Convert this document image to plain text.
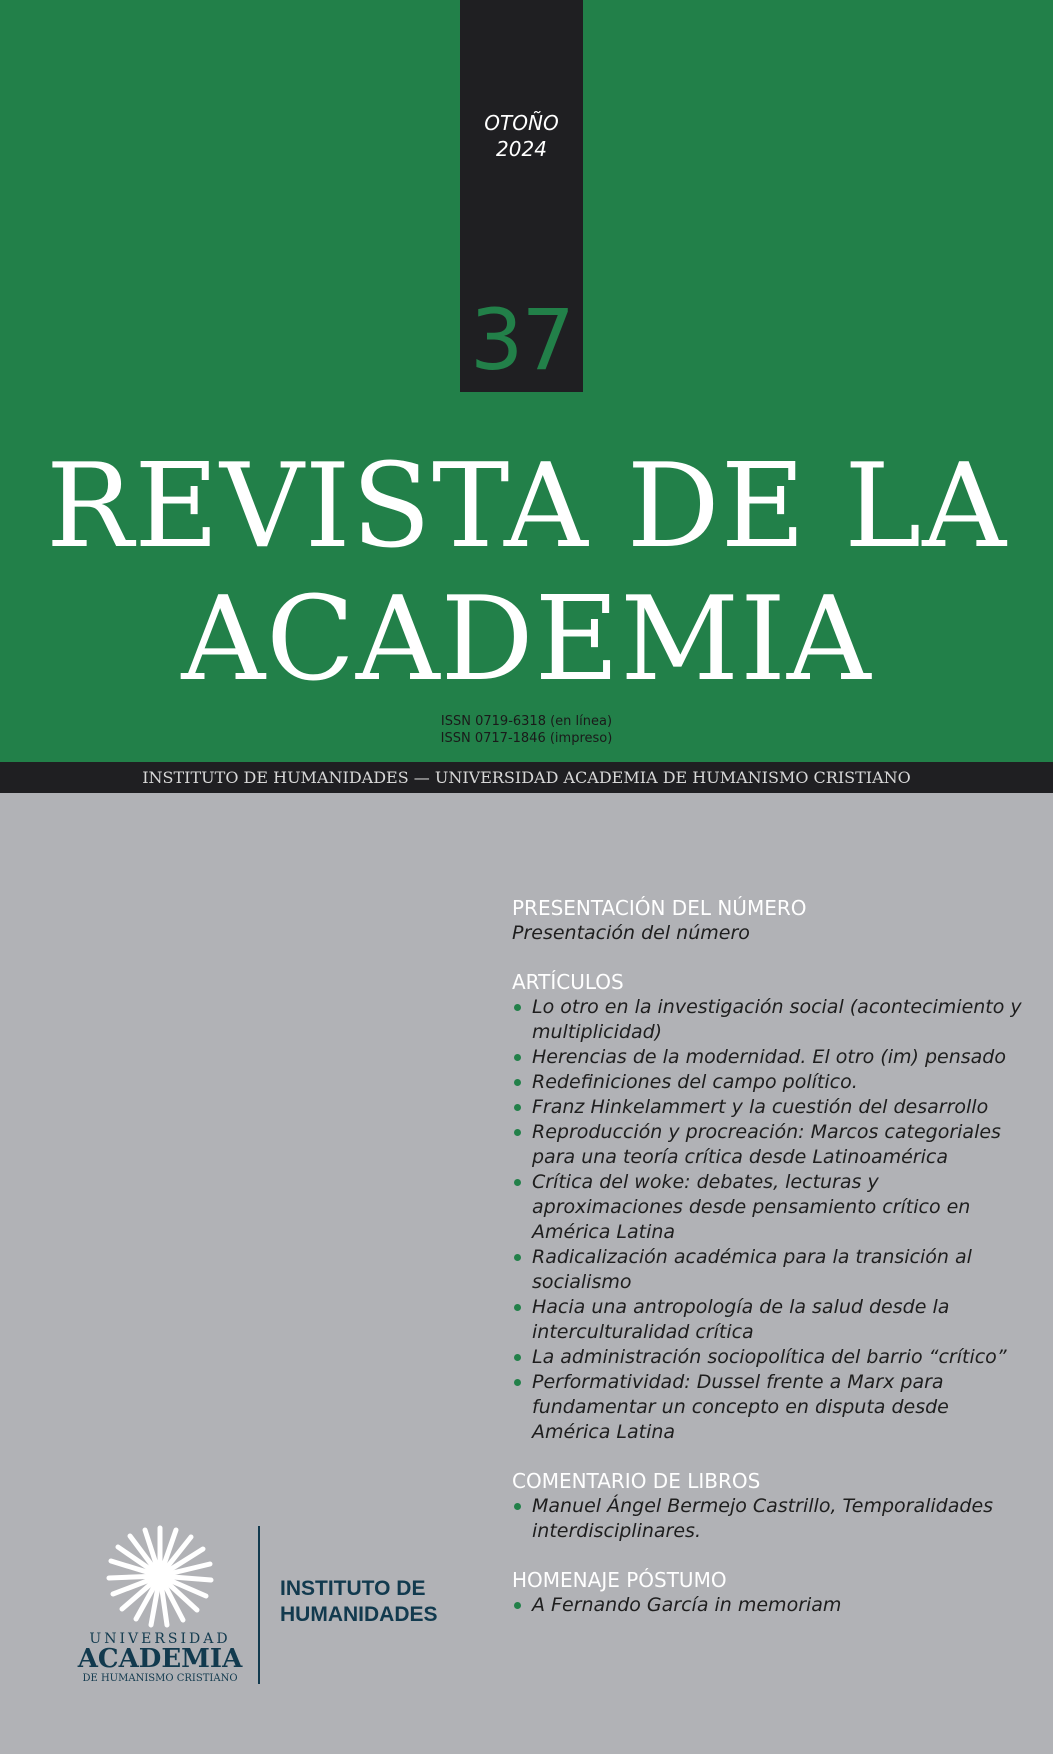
OTOÑO
2024
37
REVISTA DE LA
ACADEMIA
ISSN 0719-6318 (en línea)
ISSN 0717-1846 (impreso)
INSTITUTO DE HUMANIDADES — UNIVERSIDAD ACADEMIA DE HUMANISMO CRISTIANO
PRESENTACIÓN DEL NÚMERO

Presentación del número

ARTÍCULOS
Lo otro en la investigación social (acontecimiento y multiplicidad)
Herencias de la modernidad. El otro (im) pensado
Redefiniciones del campo político.
Franz Hinkelammert y la cuestión del desarrollo
Reproducción y procreación: Marcos categoriales para una teoría crítica desde Latinoamérica
Crítica del woke: debates, lecturas y aproximaciones desde pensamiento crítico en América Latina
Radicalización académica para la transición al socialismo
Hacia una antropología de la salud desde la interculturalidad crítica
La administración sociopolítica del barrio “crítico”
Performatividad: Dussel frente a Marx para fundamentar un concepto en disputa desde América Latina
COMENTARIO DE LIBROS
Manuel Ángel Bermejo Castrillo, Temporalidades interdisciplinares.
HOMENAJE PÓSTUMO
A Fernando García in memoriam
UNIVERSIDAD
ACADEMIA
DE HUMANISMO CRISTIANO
INSTITUTO DE
HUMANIDADES
